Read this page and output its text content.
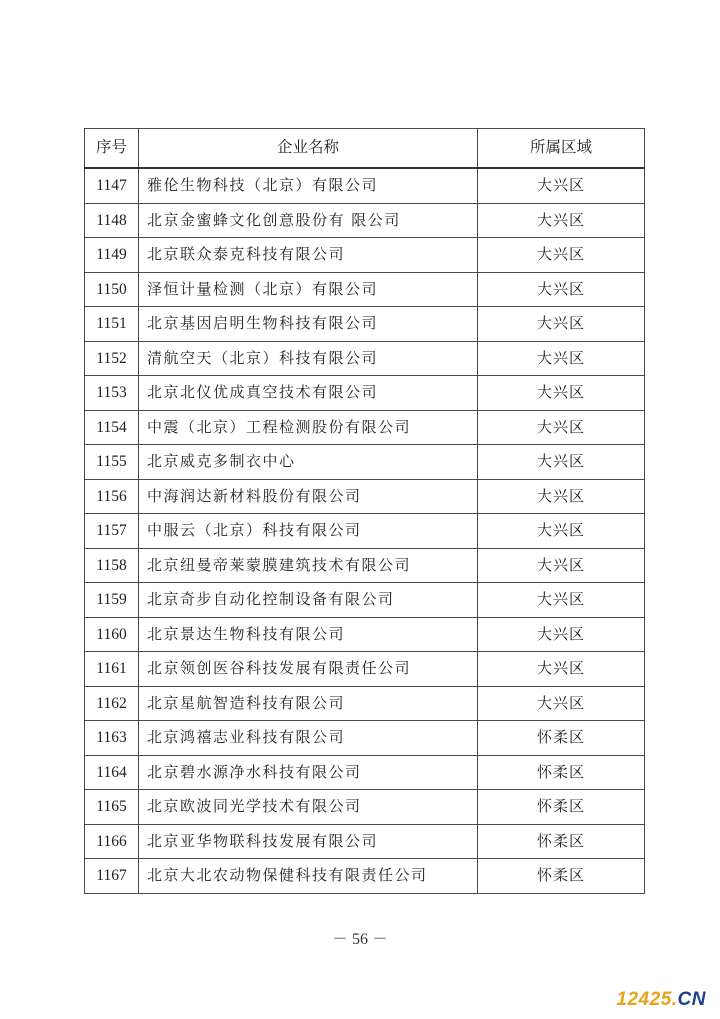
序号	企业名称	所属区域
1147	雅伦生物科技（北京）有限公司	大兴区
1148	北京金蜜蜂文化创意股份有 限公司	大兴区
1149	北京联众泰克科技有限公司	大兴区
1150	泽恒计量检测（北京）有限公司	大兴区
1151	北京基因启明生物科技有限公司	大兴区
1152	清航空天（北京）科技有限公司	大兴区
1153	北京北仪优成真空技术有限公司	大兴区
1154	中震（北京）工程检测股份有限公司	大兴区
1155	北京威克多制衣中心	大兴区
1156	中海润达新材料股份有限公司	大兴区
1157	中服云（北京）科技有限公司	大兴区
1158	北京纽曼帝莱蒙膜建筑技术有限公司	大兴区
1159	北京奇步自动化控制设备有限公司	大兴区
1160	北京景达生物科技有限公司	大兴区
1161	北京领创医谷科技发展有限责任公司	大兴区
1162	北京星航智造科技有限公司	大兴区
1163	北京鸿禧志业科技有限公司	怀柔区
1164	北京碧水源净水科技有限公司	怀柔区
1165	北京欧波同光学技术有限公司	怀柔区
1166	北京亚华物联科技发展有限公司	怀柔区
1167	北京大北农动物保健科技有限责任公司	怀柔区
－ 56 －
12425.CN
